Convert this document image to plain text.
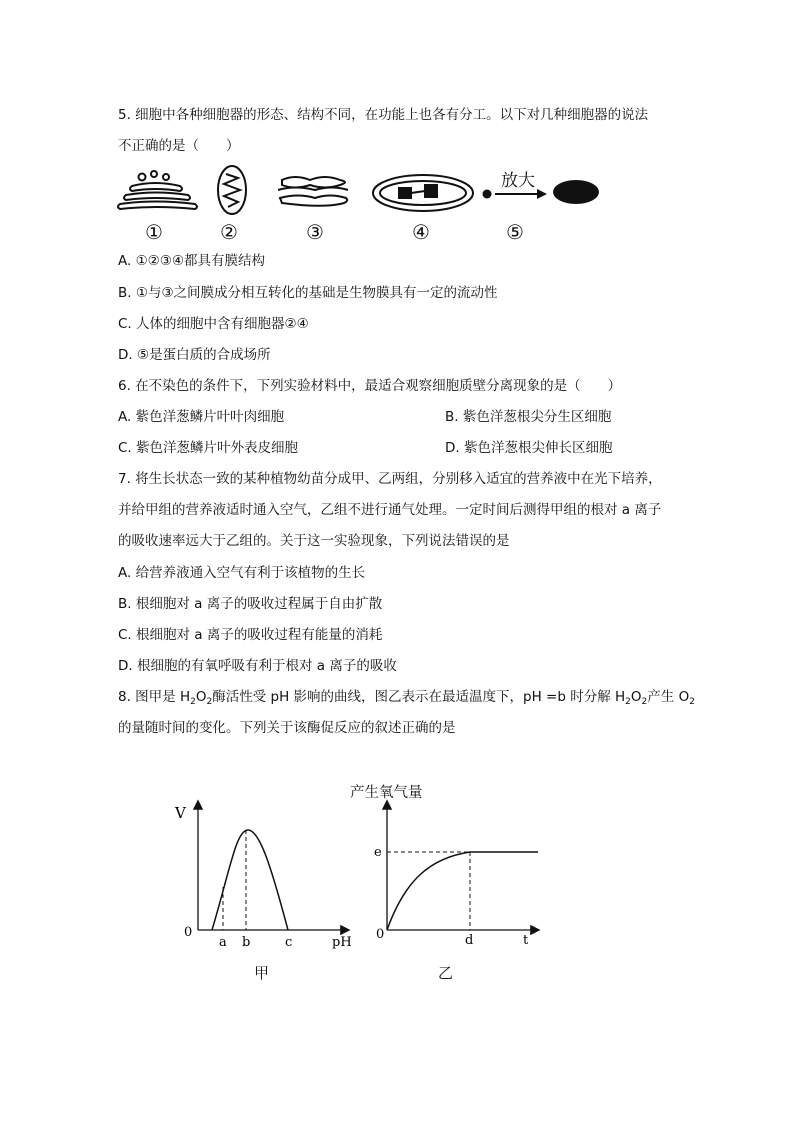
5. 细胞中各种细胞器的形态、结构不同，在功能上也各有分工。以下对几种细胞器的说法
不正确的是（　　）
放大
①	②	③	④	⑤
A. ①②③④都具有膜结构
B. ①与③之间膜成分相互转化的基础是生物膜具有一定的流动性
C. 人体的细胞中含有细胞器②④
D. ⑤是蛋白质的合成场所
6. 在不染色的条件下，下列实验材料中，最适合观察细胞质壁分离现象的是（　　）
A. 紫色洋葱鳞片叶叶肉细胞	B. 紫色洋葱根尖分生区细胞
C. 紫色洋葱鳞片叶外表皮细胞	D. 紫色洋葱根尖伸长区细胞
7. 将生长状态一致的某种植物幼苗分成甲、乙两组，分别移入适宜的营养液中在光下培养，
并给甲组的营养液适时通入空气，乙组不进行通气处理。一定时间后测得甲组的根对 a 离子
的吸收速率远大于乙组的。关于这一实验现象，下列说法错误的是
A. 给营养液通入空气有利于该植物的生长
B. 根细胞对 a 离子的吸收过程属于自由扩散
C. 根细胞对 a 离子的吸收过程有能量的消耗
D. 根细胞的有氧呼吸有利于根对 a 离子的吸收
8. 图甲是 $H_2O_2$酶活性受 pH 影响的曲线，图乙表示在最适温度下，pH =b 时分解 $H_2O_2$产生 $O_2$
的量随时间的变化。下列关于该酶促反应的叙述正确的是
V
0
a b	c	pH
甲
产生氧气量
e
0	d	t
乙
